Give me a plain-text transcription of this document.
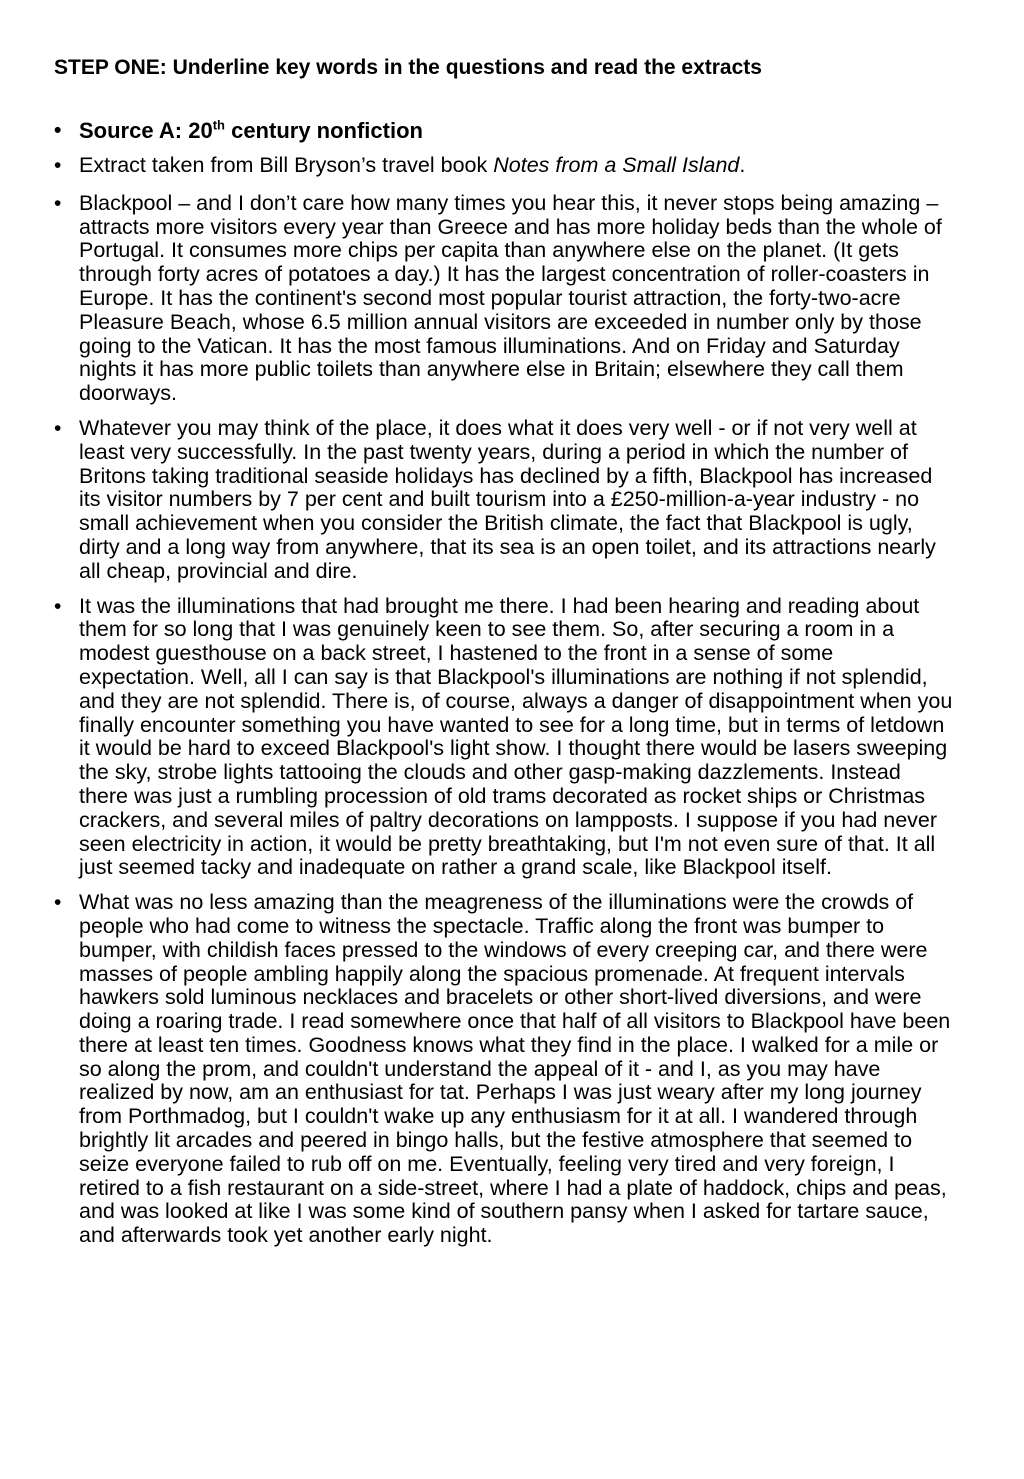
STEP ONE: Underline key words in the questions and read the extracts
• Source A: 20th century nonfiction
• Extract taken from Bill Bryson’s travel book Notes from a Small Island.
• Blackpool – and I don’t care how many times you hear this, it never stops being amazing – attracts more visitors every year than Greece and has more holiday beds than the whole of Portugal. It consumes more chips per capita than anywhere else on the planet. (It gets through forty acres of potatoes a day.) It has the largest concentration of roller-coasters in Europe. It has the continent's second most popular tourist attraction, the forty-two-acre Pleasure Beach, whose 6.5 million annual visitors are exceeded in number only by those going to the Vatican. It has the most famous illuminations. And on Friday and Saturday nights it has more public toilets than anywhere else in Britain; elsewhere they call them doorways.
• Whatever you may think of the place, it does what it does very well - or if not very well at least very successfully. In the past twenty years, during a period in which the number of Britons taking traditional seaside holidays has declined by a fifth, Blackpool has increased its visitor numbers by 7 per cent and built tourism into a £250-million-a-year industry - no small achievement when you consider the British climate, the fact that Blackpool is ugly, dirty and a long way from anywhere, that its sea is an open toilet, and its attractions nearly all cheap, provincial and dire.
• It was the illuminations that had brought me there. I had been hearing and reading about them for so long that I was genuinely keen to see them. So, after securing a room in a modest guesthouse on a back street, I hastened to the front in a sense of some expectation. Well, all I can say is that Blackpool's illuminations are nothing if not splendid, and they are not splendid. There is, of course, always a danger of disappointment when you finally encounter something you have wanted to see for a long time, but in terms of letdown it would be hard to exceed Blackpool's light show. I thought there would be lasers sweeping the sky, strobe lights tattooing the clouds and other gasp-making dazzlements. Instead there was just a rumbling procession of old trams decorated as rocket ships or Christmas crackers, and several miles of paltry decorations on lampposts. I suppose if you had never seen electricity in action, it would be pretty breathtaking, but I'm not even sure of that. It all just seemed tacky and inadequate on rather a grand scale, like Blackpool itself.
• What was no less amazing than the meagreness of the illuminations were the crowds of people who had come to witness the spectacle. Traffic along the front was bumper to bumper, with childish faces pressed to the windows of every creeping car, and there were masses of people ambling happily along the spacious promenade. At frequent intervals hawkers sold luminous necklaces and bracelets or other short-lived diversions, and were doing a roaring trade. I read somewhere once that half of all visitors to Blackpool have been there at least ten times. Goodness knows what they find in the place. I walked for a mile or so along the prom, and couldn't understand the appeal of it - and I, as you may have realized by now, am an enthusiast for tat. Perhaps I was just weary after my long journey from Porthmadog, but I couldn't wake up any enthusiasm for it at all. I wandered through brightly lit arcades and peered in bingo halls, but the festive atmosphere that seemed to seize everyone failed to rub off on me. Eventually, feeling very tired and very foreign, I retired to a fish restaurant on a side-street, where I had a plate of haddock, chips and peas, and was looked at like I was some kind of southern pansy when I asked for tartare sauce, and afterwards took yet another early night.
